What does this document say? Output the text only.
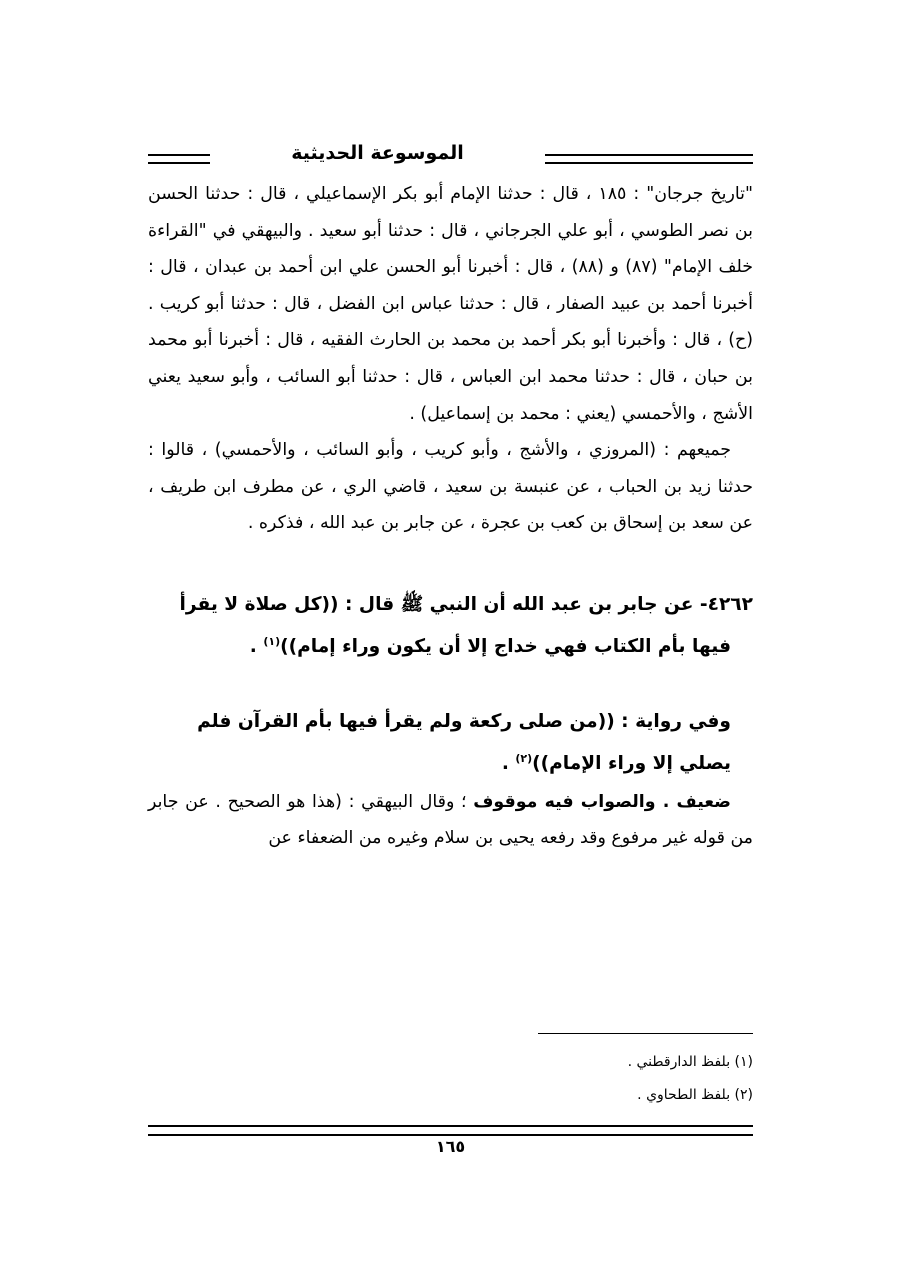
الموسوعة الحديثية

"تاريخ جرجان" : ١٨٥ ، قال : حدثنا الإمام أبو بكر الإسماعيلي ، قال : حدثنا الحسن بن نصر الطوسي ، أبو علي الجرجاني ، قال : حدثنا أبو سعيد . والبيهقي في "القراءة خلف الإمام" (٨٧) و (٨٨) ، قال : أخبرنا أبو الحسن علي ابن أحمد بن عبدان ، قال : أخبرنا أحمد بن عبيد الصفار ، قال : حدثنا عباس ابن الفضل ، قال : حدثنا أبو كريب . (ح) ، قال : وأخبرنا أبو بكر أحمد بن محمد بن الحارث الفقيه ، قال : أخبرنا أبو محمد بن حبان ، قال : حدثنا محمد ابن العباس ، قال : حدثنا أبو السائب ، وأبو سعيد يعني الأشج ، والأحمسي (يعني : محمد بن إسماعيل) .

جميعهم : (المروزي ، والأشج ، وأبو كريب ، وأبو السائب ، والأحمسي) ، قالوا : حدثنا زيد بن الحباب ، عن عنبسة بن سعيد ، قاضي الري ، عن مطرف ابن طريف ، عن سعد بن إسحاق بن كعب بن عجرة ، عن جابر بن عبد الله ، فذكره .

٤٢٦٢- عن جابر بن عبد الله أن النبي ﷺ قال : ((كل صلاة لا يقرأ

فيها بأم الكتاب فهي خداج إلا أن يكون وراء إمام))$^{(١)}$ .

وفي رواية : ((من صلى ركعة ولم يقرأ فيها بأم القرآن فلم

يصلي إلا وراء الإمام))$^{(٢)}$ .

ضعيف . والصواب فيه موقوف ؛ وقال البيهقي : (هذا هو الصحيح . عن جابر من قوله غير مرفوع وقد رفعه يحيى بن سلام وغيره من الضعفاء عن

(١) بلفظ الدارقطني .
(٢) بلفظ الطحاوي .
١٦٥
